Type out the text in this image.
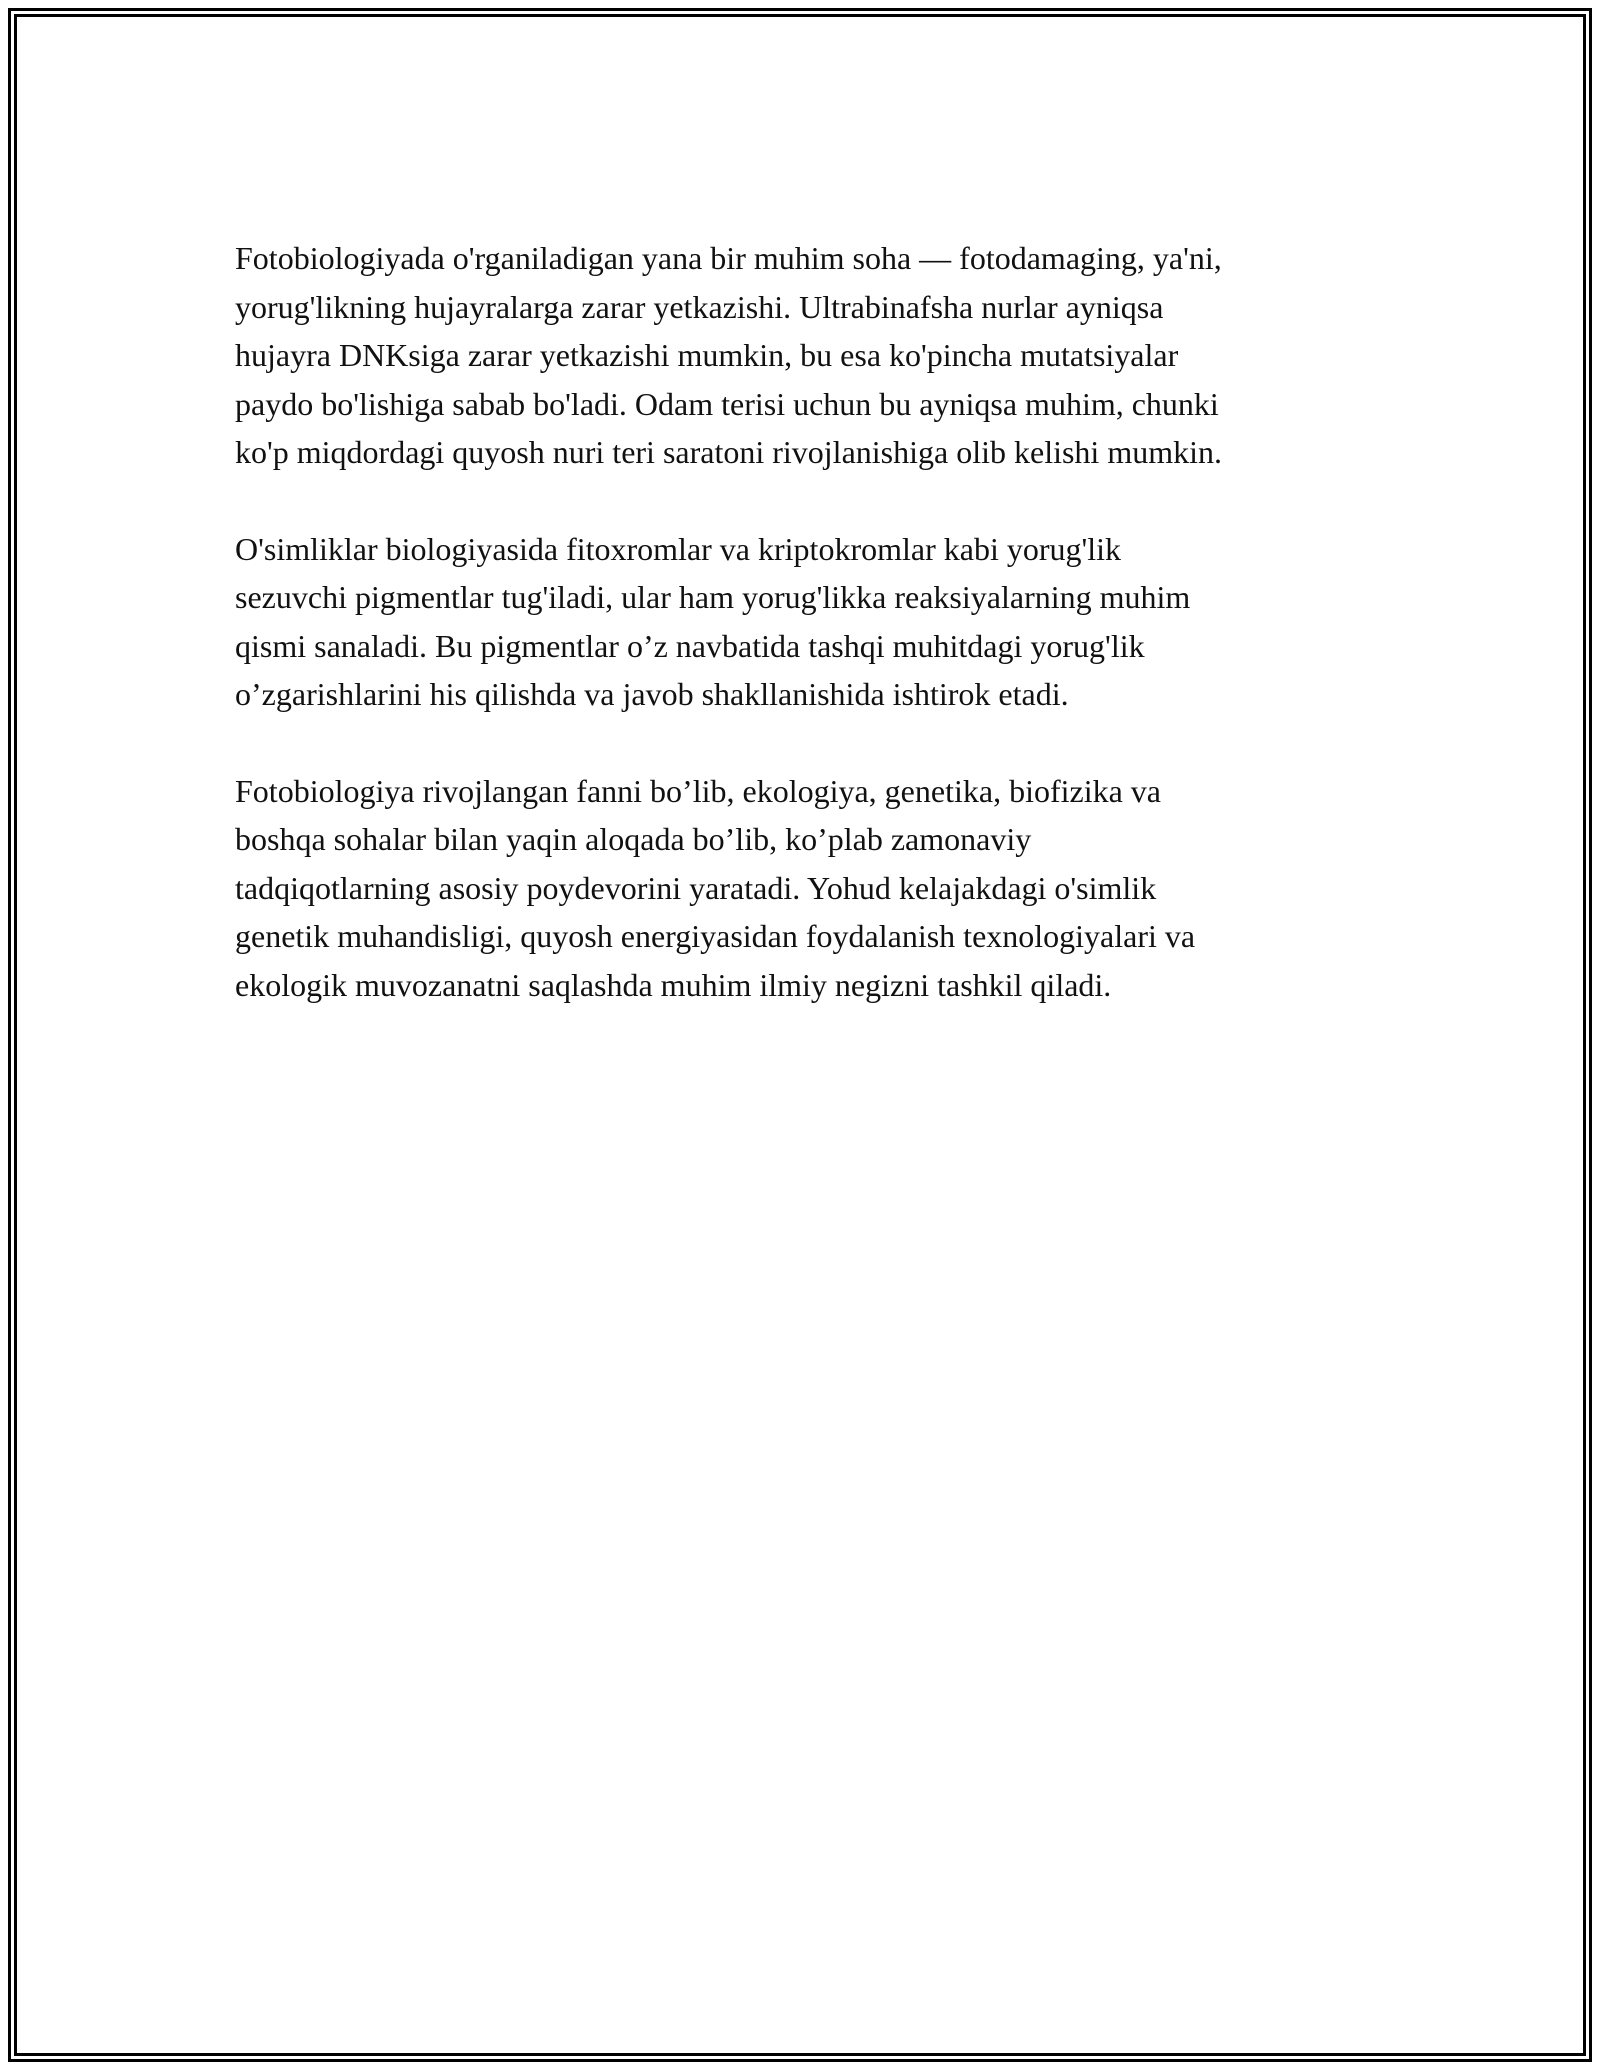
Fotobiologiyada o'rganiladigan yana bir muhim soha — fotodamaging, ya'ni,
yorug'likning hujayralarga zarar yetkazishi. Ultrabinafsha nurlar ayniqsa
hujayra DNKsiga zarar yetkazishi mumkin, bu esa ko'pincha mutatsiyalar
paydo bo'lishiga sabab bo'ladi. Odam terisi uchun bu ayniqsa muhim, chunki
ko'p miqdordagi quyosh nuri teri saratoni rivojlanishiga olib kelishi mumkin.

O'simliklar biologiyasida fitoxromlar va kriptokromlar kabi yorug'lik
sezuvchi pigmentlar tug'iladi, ular ham yorug'likka reaksiyalarning muhim
qismi sanaladi. Bu pigmentlar o’z navbatida tashqi muhitdagi yorug'lik
o’zgarishlarini his qilishda va javob shakllanishida ishtirok etadi.

Fotobiologiya rivojlangan fanni bo’lib, ekologiya, genetika, biofizika va
boshqa sohalar bilan yaqin aloqada bo’lib, ko’plab zamonaviy
tadqiqotlarning asosiy poydevorini yaratadi. Yohud kelajakdagi o'simlik
genetik muhandisligi, quyosh energiyasidan foydalanish texnologiyalari va
ekologik muvozanatni saqlashda muhim ilmiy negizni tashkil qiladi.
